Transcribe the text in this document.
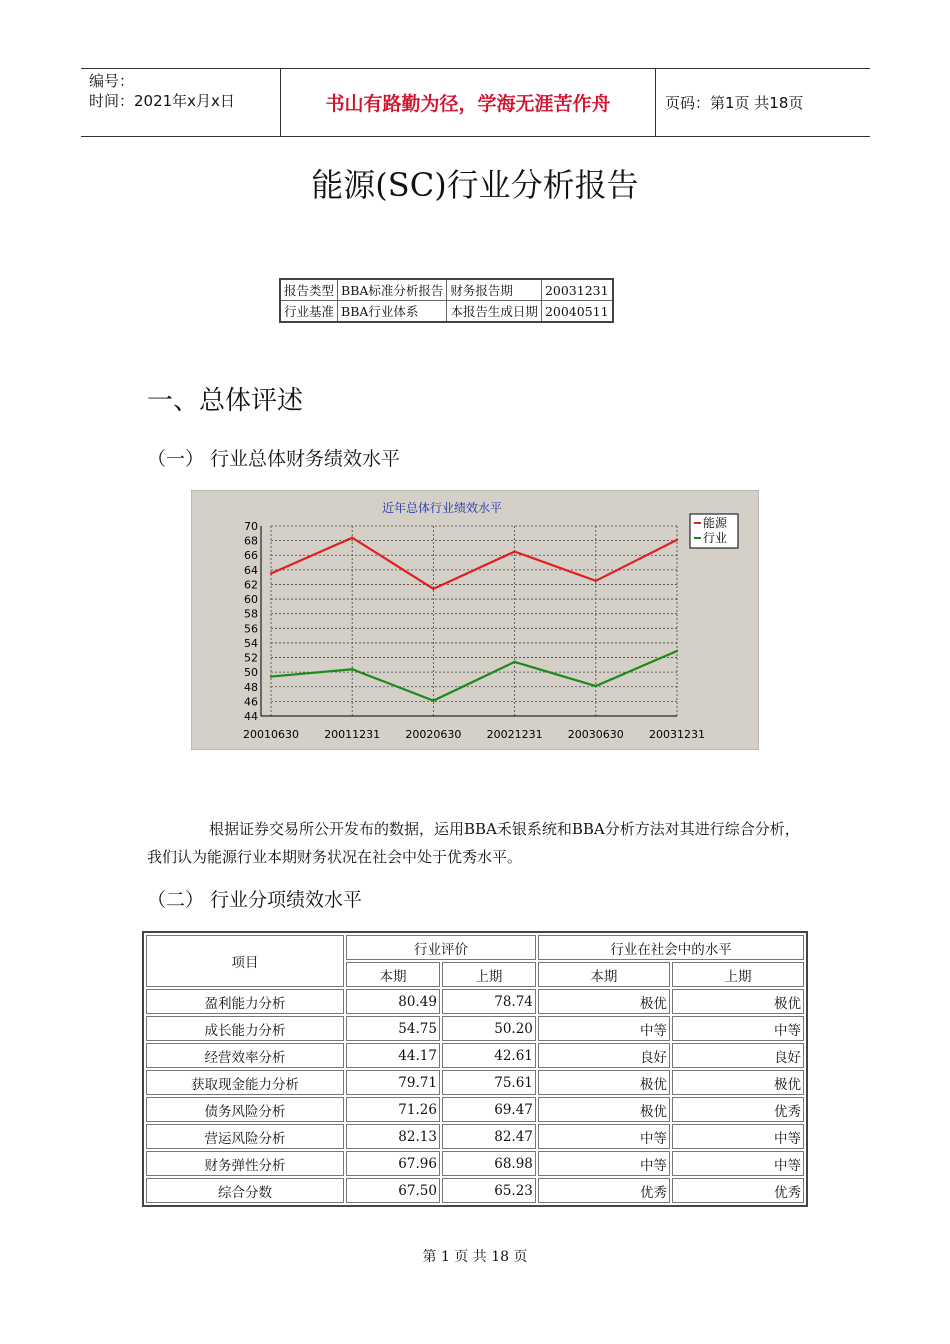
编号：
时间：2021年x月x日	书山有路勤为径，学海无涯苦作舟	页码：第1页 共18页
能源(SC)行业分析报告
报告类型	BBA标准分析报告	财务报告期	20031231
行业基准	BBA行业体系	本报告生成日期	20040511
一、总体评述
（一） 行业总体财务绩效水平
近年总体行业绩效水平
44
46
48
50
52
54
56
58
60
62
64
66
68
70
20010630 20011231 20020630 20021231 20030630 20031231
能源
行业
根据证券交易所公开发布的数据，运用BBA禾银系统和BBA分析方法对其进行综合分析，我们认为能源行业本期财务状况在社会中处于优秀水平。
（二） 行业分项绩效水平
项目	行业评价		行业在社会中的水平	
	本期	上期	本期	上期
盈利能力分析	80.49	78.74	极优	极优
成长能力分析	54.75	50.20	中等	中等
经营效率分析	44.17	42.61	良好	良好
获取现金能力分析	79.71	75.61	极优	极优
债务风险分析	71.26	69.47	极优	优秀
营运风险分析	82.13	82.47	中等	中等
财务弹性分析	67.96	68.98	中等	中等
综合分数	67.50	65.23	优秀	优秀
第 1 页 共 18 页
